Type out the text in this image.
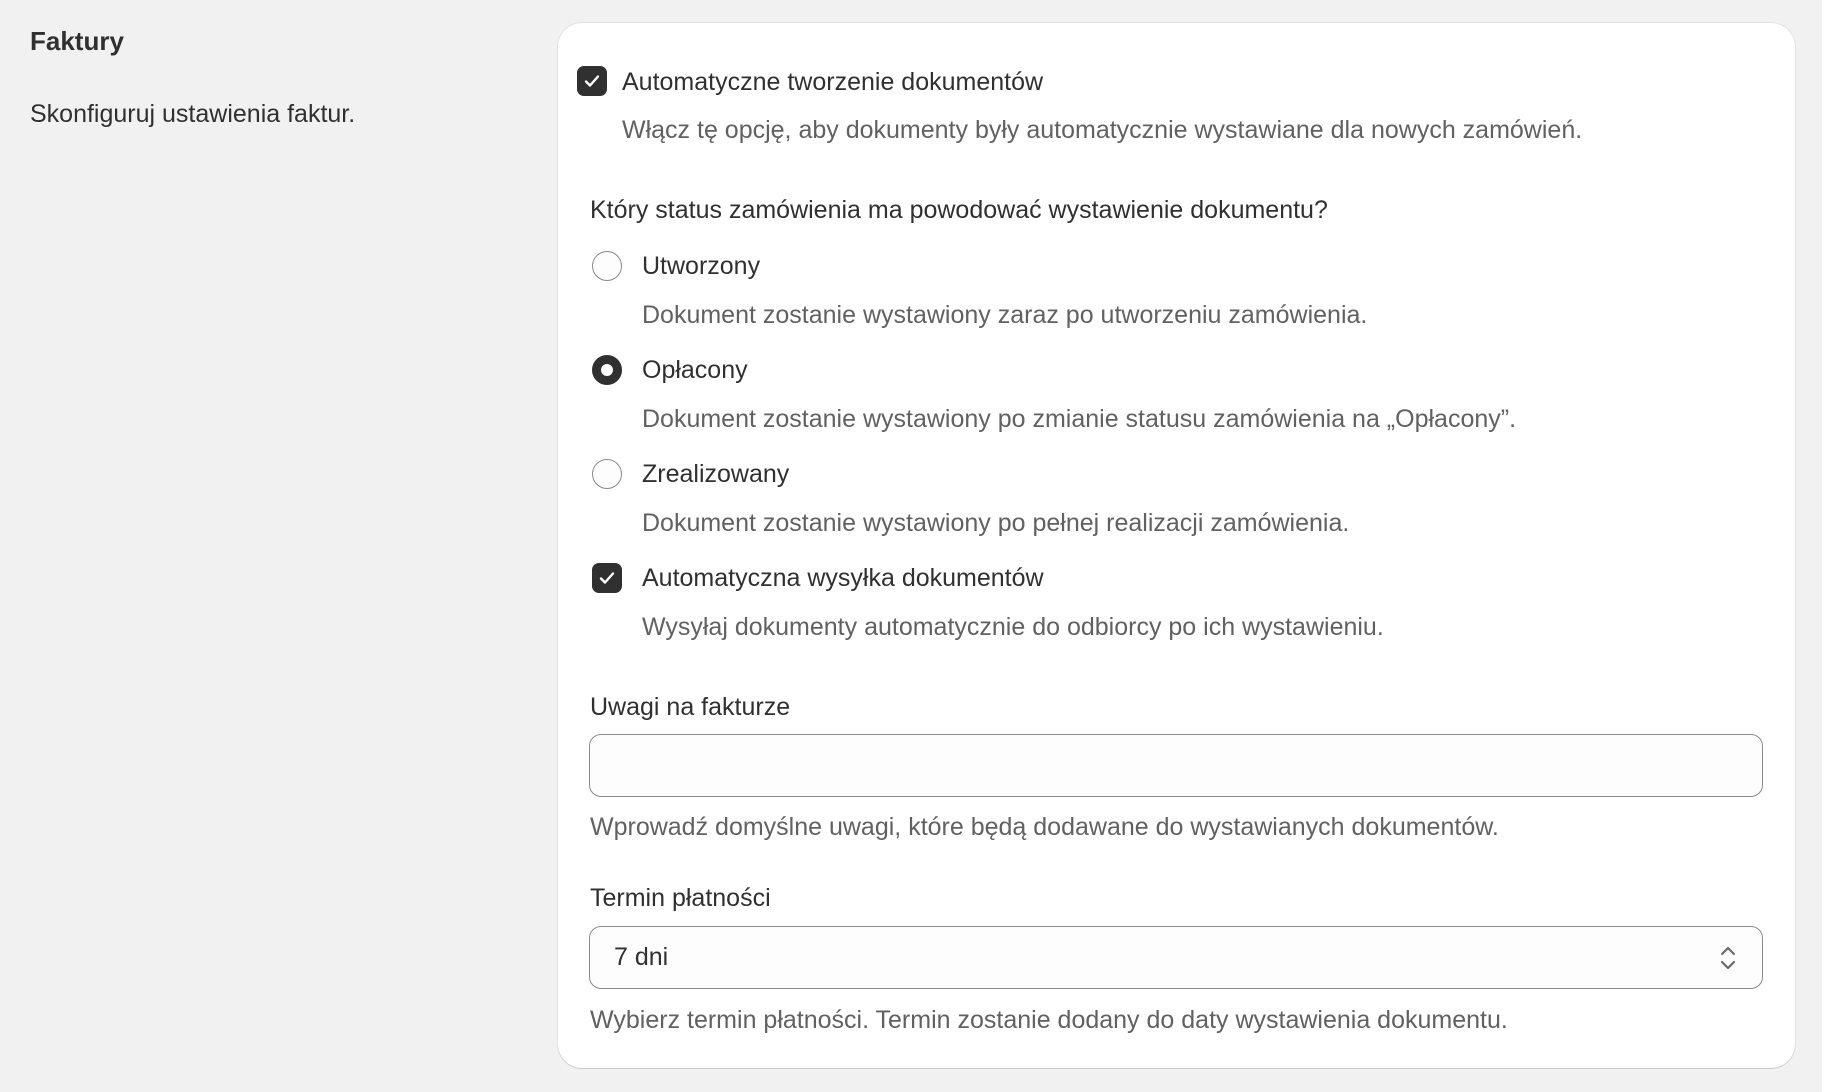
Faktury
Skonfiguruj ustawienia faktur.
Automatyczne tworzenie dokumentów
Włącz tę opcję, aby dokumenty były automatycznie wystawiane dla nowych zamówień.
Który status zamówienia ma powodować wystawienie dokumentu?
Utworzony
Dokument zostanie wystawiony zaraz po utworzeniu zamówienia.
Opłacony
Dokument zostanie wystawiony po zmianie statusu zamówienia na „Opłacony”.
Zrealizowany
Dokument zostanie wystawiony po pełnej realizacji zamówienia.
Automatyczna wysyłka dokumentów
Wysyłaj dokumenty automatycznie do odbiorcy po ich wystawieniu.
Uwagi na fakturze
Wprowadź domyślne uwagi, które będą dodawane do wystawianych dokumentów.
Termin płatności
7 dni
Wybierz termin płatności. Termin zostanie dodany do daty wystawienia dokumentu.
